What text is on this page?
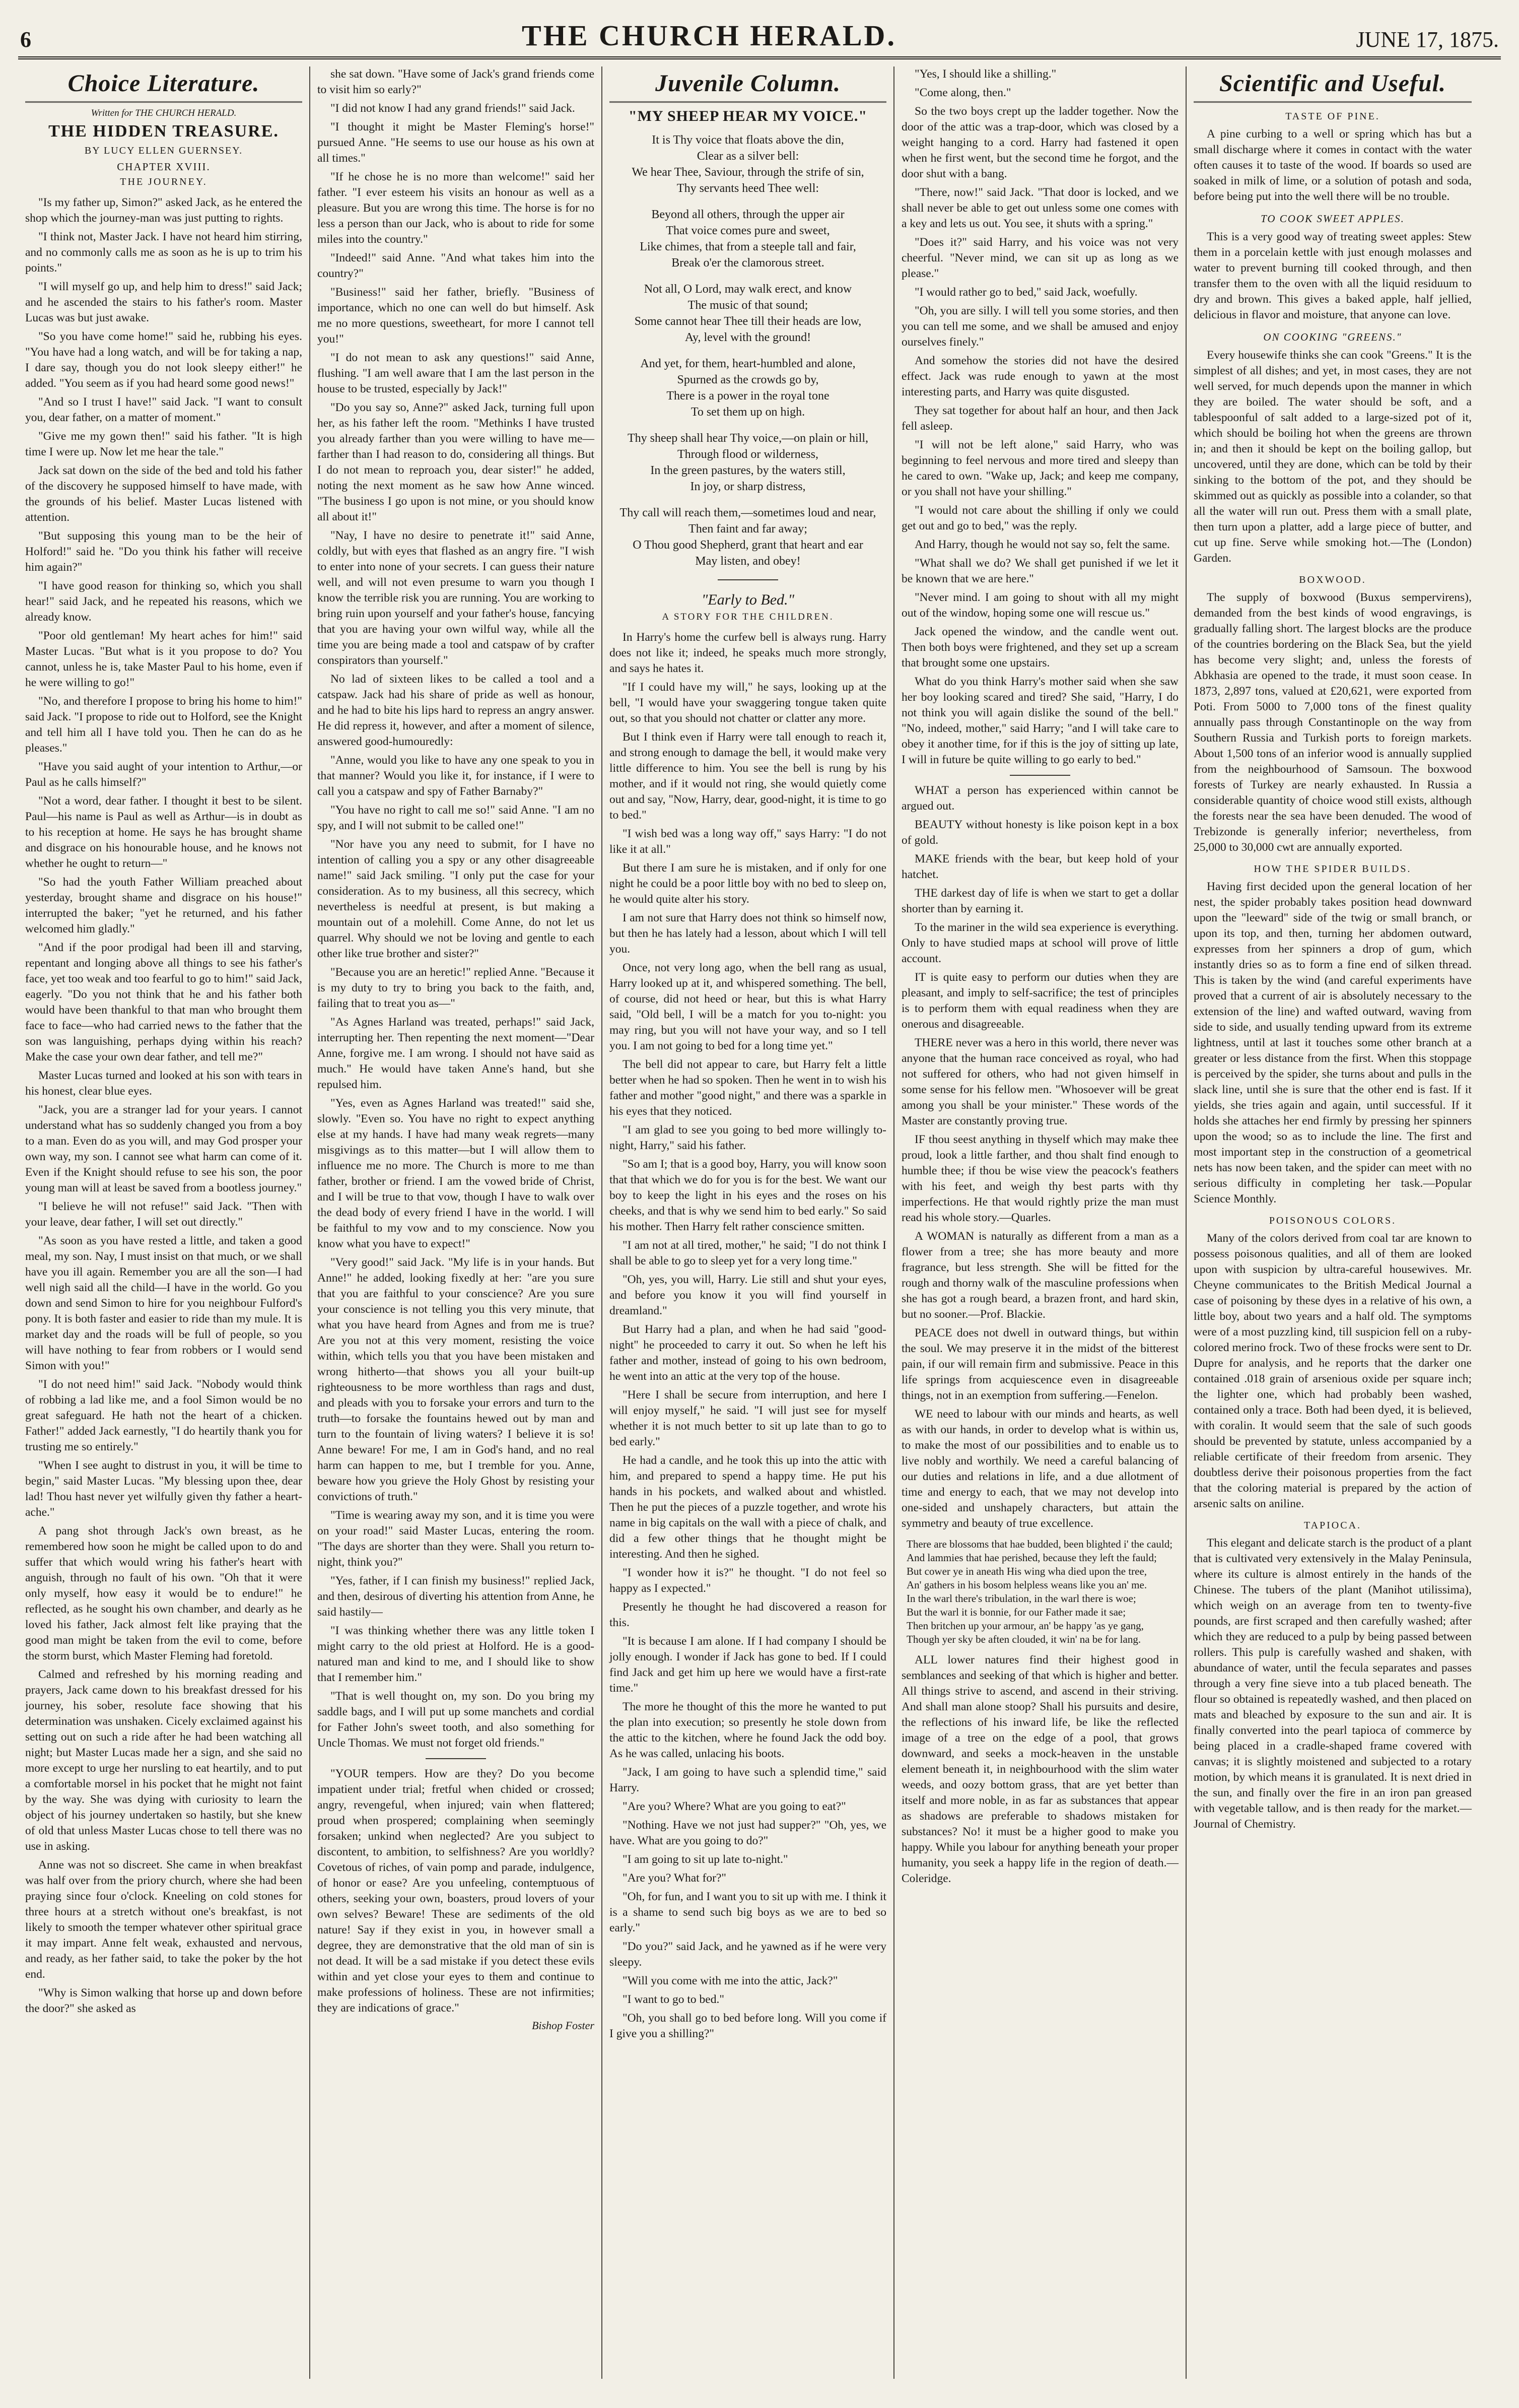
6	THE CHURCH HERALD.	JUNE 17, 1875.
Choice Literature.
Written for THE CHURCH HERALD.
THE HIDDEN TREASURE.
BY LUCY ELLEN GUERNSEY.
CHAPTER XVIII.
THE JOURNEY.

"Is my father up, Simon?" asked Jack, as he entered the shop which the journey-man was just putting to rights.

"I think not, Master Jack. I have not heard him stirring, and no commonly calls me as soon as he is up to trim his points."

"I will myself go up, and help him to dress!" said Jack; and he ascended the stairs to his father's room. Master Lucas was but just awake.

"So you have come home!" said he, rubbing his eyes. "You have had a long watch, and will be for taking a nap, I dare say, though you do not look sleepy either!" he added. "You seem as if you had heard some good news!"

"And so I trust I have!" said Jack. "I want to consult you, dear father, on a matter of moment."

"Give me my gown then!" said his father. "It is high time I were up. Now let me hear the tale."

Jack sat down on the side of the bed and told his father of the discovery he supposed himself to have made, with the grounds of his belief. Master Lucas listened with attention.

"But supposing this young man to be the heir of Holford!" said he. "Do you think his father will receive him again?"

"I have good reason for thinking so, which you shall hear!" said Jack, and he repeated his reasons, which we already know.

"Poor old gentleman! My heart aches for him!" said Master Lucas. "But what is it you propose to do? You cannot, unless he is, take Master Paul to his home, even if he were willing to go!"

"No, and therefore I propose to bring his home to him!" said Jack. "I propose to ride out to Holford, see the Knight and tell him all I have told you. Then he can do as he pleases."

"Have you said aught of your intention to Arthur,—or Paul as he calls himself?"

"Not a word, dear father. I thought it best to be silent. Paul—his name is Paul as well as Arthur—is in doubt as to his reception at home. He says he has brought shame and disgrace on his honourable house, and he knows not whether he ought to return—"

"So had the youth Father William preached about yesterday, brought shame and disgrace on his house!" interrupted the baker; "yet he returned, and his father welcomed him gladly."

"And if the poor prodigal had been ill and starving, repentant and longing above all things to see his father's face, yet too weak and too fearful to go to him!" said Jack, eagerly. "Do you not think that he and his father both would have been thankful to that man who brought them face to face—who had carried news to the father that the son was languishing, perhaps dying within his reach? Make the case your own dear father, and tell me?"

Master Lucas turned and looked at his son with tears in his honest, clear blue eyes.

"Jack, you are a stranger lad for your years. I cannot understand what has so suddenly changed you from a boy to a man. Even do as you will, and may God prosper your own way, my son. I cannot see what harm can come of it. Even if the Knight should refuse to see his son, the poor young man will at least be saved from a bootless journey."

"I believe he will not refuse!" said Jack. "Then with your leave, dear father, I will set out directly."

"As soon as you have rested a little, and taken a good meal, my son. Nay, I must insist on that much, or we shall have you ill again. Remember you are all the son—I had well nigh said all the child—I have in the world. Go you down and send Simon to hire for you neighbour Fulford's pony. It is both faster and easier to ride than my mule. It is market day and the roads will be full of people, so you will have nothing to fear from robbers or I would send Simon with you!"

"I do not need him!" said Jack. "Nobody would think of robbing a lad like me, and a fool Simon would be no great safeguard. He hath not the heart of a chicken. Father!" added Jack earnestly, "I do heartily thank you for trusting me so entirely."

"When I see aught to distrust in you, it will be time to begin," said Master Lucas. "My blessing upon thee, dear lad! Thou hast never yet wilfully given thy father a heart-ache."

A pang shot through Jack's own breast, as he remembered how soon he might be called upon to do and suffer that which would wring his father's heart with anguish, through no fault of his own. "Oh that it were only myself, how easy it would be to endure!" he reflected, as he sought his own chamber, and dearly as he loved his father, Jack almost felt like praying that the good man might be taken from the evil to come, before the storm burst, which Master Fleming had foretold.

Calmed and refreshed by his morning reading and prayers, Jack came down to his breakfast dressed for his journey, his sober, resolute face showing that his determination was unshaken. Cicely exclaimed against his setting out on such a ride after he had been watching all night; but Master Lucas made her a sign, and she said no more except to urge her nursling to eat heartily, and to put a comfortable morsel in his pocket that he might not faint by the way. She was dying with curiosity to learn the object of his journey undertaken so hastily, but she knew of old that unless Master Lucas chose to tell there was no use in asking.

Anne was not so discreet. She came in when breakfast was half over from the priory church, where she had been praying since four o'clock. Kneeling on cold stones for three hours at a stretch without one's breakfast, is not likely to smooth the temper whatever other spiritual grace it may impart. Anne felt weak, exhausted and nervous, and ready, as her father said, to take the poker by the hot end.

"Why is Simon walking that horse up and down before the door?" she asked as

she sat down. "Have some of Jack's grand friends come to visit him so early?"

"I did not know I had any grand friends!" said Jack.

"I thought it might be Master Fleming's horse!" pursued Anne. "He seems to use our house as his own at all times."

"If he chose he is no more than welcome!" said her father. "I ever esteem his visits an honour as well as a pleasure. But you are wrong this time. The horse is for no less a person than our Jack, who is about to ride for some miles into the country."

"Indeed!" said Anne. "And what takes him into the country?"

"Business!" said her father, briefly. "Business of importance, which no one can well do but himself. Ask me no more questions, sweetheart, for more I cannot tell you!"

"I do not mean to ask any questions!" said Anne, flushing. "I am well aware that I am the last person in the house to be trusted, especially by Jack!"

"Do you say so, Anne?" asked Jack, turning full upon her, as his father left the room. "Methinks I have trusted you already farther than you were willing to have me—farther than I had reason to do, considering all things. But I do not mean to reproach you, dear sister!" he added, noting the next moment as he saw how Anne winced. "The business I go upon is not mine, or you should know all about it!"

"Nay, I have no desire to penetrate it!" said Anne, coldly, but with eyes that flashed as an angry fire. "I wish to enter into none of your secrets. I can guess their nature well, and will not even presume to warn you though I know the terrible risk you are running. You are working to bring ruin upon yourself and your father's house, fancying that you are having your own wilful way, while all the time you are being made a tool and catspaw of by crafter conspirators than yourself."

No lad of sixteen likes to be called a tool and a catspaw. Jack had his share of pride as well as honour, and he had to bite his lips hard to repress an angry answer. He did repress it, however, and after a moment of silence, answered good-humouredly:

"Anne, would you like to have any one speak to you in that manner? Would you like it, for instance, if I were to call you a catspaw and spy of Father Barnaby?"

"You have no right to call me so!" said Anne. "I am no spy, and I will not submit to be called one!"

"Nor have you any need to submit, for I have no intention of calling you a spy or any other disagreeable name!" said Jack smiling. "I only put the case for your consideration. As to my business, all this secrecy, which nevertheless is needful at present, is but making a mountain out of a molehill. Come Anne, do not let us quarrel. Why should we not be loving and gentle to each other like true brother and sister?"

"Because you are an heretic!" replied Anne. "Because it is my duty to try to bring you back to the faith, and, failing that to treat you as—"

"As Agnes Harland was treated, perhaps!" said Jack, interrupting her. Then repenting the next moment—"Dear Anne, forgive me. I am wrong. I should not have said as much." He would have taken Anne's hand, but she repulsed him.

"Yes, even as Agnes Harland was treated!" said she, slowly. "Even so. You have no right to expect anything else at my hands. I have had many weak regrets—many misgivings as to this matter—but I will allow them to influence me no more. The Church is more to me than father, brother or friend. I am the vowed bride of Christ, and I will be true to that vow, though I have to walk over the dead body of every friend I have in the world. I will be faithful to my vow and to my conscience. Now you know what you have to expect!"

"Very good!" said Jack. "My life is in your hands. But Anne!" he added, looking fixedly at her: "are you sure that you are faithful to your conscience? Are you sure your conscience is not telling you this very minute, that what you have heard from Agnes and from me is true? Are you not at this very moment, resisting the voice within, which tells you that you have been mistaken and wrong hitherto—that shows you all your built-up righteousness to be more worthless than rags and dust, and pleads with you to forsake your errors and turn to the truth—to forsake the fountains hewed out by man and turn to the fountain of living waters? I believe it is so! Anne beware! For me, I am in God's hand, and no real harm can happen to me, but I tremble for you. Anne, beware how you grieve the Holy Ghost by resisting your convictions of truth."

"Time is wearing away my son, and it is time you were on your road!" said Master Lucas, entering the room. "The days are shorter than they were. Shall you return to-night, think you?"

"Yes, father, if I can finish my business!" replied Jack, and then, desirous of diverting his attention from Anne, he said hastily—

"I was thinking whether there was any little token I might carry to the old priest at Holford. He is a good-natured man and kind to me, and I should like to show that I remember him."

"That is well thought on, my son. Do you bring my saddle bags, and I will put up some manchets and cordial for Father John's sweet tooth, and also something for Uncle Thomas. We must not forget old friends."

"YOUR tempers. How are they? Do you become impatient under trial; fretful when chided or crossed; angry, revengeful, when injured; vain when flattered; proud when prospered; complaining when seemingly forsaken; unkind when neglected? Are you subject to discontent, to ambition, to selfishness? Are you worldly? Covetous of riches, of vain pomp and parade, indulgence, of honor or ease? Are you unfeeling, contemptuous of others, seeking your own, boasters, proud lovers of your own selves? Beware! These are sediments of the old nature! Say if they exist in you, in however small a degree, they are demonstrative that the old man of sin is not dead. It will be a sad mistake if you detect these evils within and yet close your eyes to them and continue to make professions of holiness. These are not infirmities; they are indications of grace."

Bishop Foster
Juvenile Column.
"MY SHEEP HEAR MY VOICE."
It is Thy voice that floats above the din,
Clear as a silver bell:
We hear Thee, Saviour, through the strife of sin,
Thy servants heed Thee well:
Beyond all others, through the upper air
That voice comes pure and sweet,
Like chimes, that from a steeple tall and fair,
Break o'er the clamorous street.
Not all, O Lord, may walk erect, and know
The music of that sound;
Some cannot hear Thee till their heads are low,
Ay, level with the ground!
And yet, for them, heart-humbled and alone,
Spurned as the crowds go by,
There is a power in the royal tone
To set them up on high.
Thy sheep shall hear Thy voice,—on plain or hill,
Through flood or wilderness,
In the green pastures, by the waters still,
In joy, or sharp distress,
Thy call will reach them,—sometimes loud and near,
Then faint and far away;
O Thou good Shepherd, grant that heart and ear
May listen, and obey!
"Early to Bed."
A STORY FOR THE CHILDREN.

In Harry's home the curfew bell is always rung. Harry does not like it; indeed, he speaks much more strongly, and says he hates it.

"If I could have my will," he says, looking up at the bell, "I would have your swaggering tongue taken quite out, so that you should not chatter or clatter any more.

But I think even if Harry were tall enough to reach it, and strong enough to damage the bell, it would make very little difference to him. You see the bell is rung by his mother, and if it would not ring, she would quietly come out and say, "Now, Harry, dear, good-night, it is time to go to bed."

"I wish bed was a long way off," says Harry: "I do not like it at all."

But there I am sure he is mistaken, and if only for one night he could be a poor little boy with no bed to sleep on, he would quite alter his story.

I am not sure that Harry does not think so himself now, but then he has lately had a lesson, about which I will tell you.

Once, not very long ago, when the bell rang as usual, Harry looked up at it, and whispered something. The bell, of course, did not heed or hear, but this is what Harry said, "Old bell, I will be a match for you to-night: you may ring, but you will not have your way, and so I tell you. I am not going to bed for a long time yet."

The bell did not appear to care, but Harry felt a little better when he had so spoken. Then he went in to wish his father and mother "good night," and there was a sparkle in his eyes that they noticed.

"I am glad to see you going to bed more willingly to-night, Harry," said his father.

"So am I; that is a good boy, Harry, you will know soon that that which we do for you is for the best. We want our boy to keep the light in his eyes and the roses on his cheeks, and that is why we send him to bed early." So said his mother. Then Harry felt rather conscience smitten.

"I am not at all tired, mother," he said; "I do not think I shall be able to go to sleep yet for a very long time."

"Oh, yes, you will, Harry. Lie still and shut your eyes, and before you know it you will find yourself in dreamland."

But Harry had a plan, and when he had said "good-night" he proceeded to carry it out. So when he left his father and mother, instead of going to his own bedroom, he went into an attic at the very top of the house.

"Here I shall be secure from interruption, and here I will enjoy myself," he said. "I will just see for myself whether it is not much better to sit up late than to go to bed early."

He had a candle, and he took this up into the attic with him, and prepared to spend a happy time. He put his hands in his pockets, and walked about and whistled. Then he put the pieces of a puzzle together, and wrote his name in big capitals on the wall with a piece of chalk, and did a few other things that he thought might be interesting. And then he sighed.

"I wonder how it is?" he thought. "I do not feel so happy as I expected."

Presently he thought he had discovered a reason for this.

"It is because I am alone. If I had company I should be jolly enough. I wonder if Jack has gone to bed. If I could find Jack and get him up here we would have a first-rate time."

The more he thought of this the more he wanted to put the plan into execution; so presently he stole down from the attic to the kitchen, where he found Jack the odd boy. As he was called, unlacing his boots.

"Jack, I am going to have such a splendid time," said Harry.

"Are you? Where? What are you going to eat?"

"Nothing. Have we not just had supper?" "Oh, yes, we have. What are you going to do?"

"I am going to sit up late to-night."

"Are you? What for?"

"Oh, for fun, and I want you to sit up with me. I think it is a shame to send such big boys as we are to bed so early."

"Do you?" said Jack, and he yawned as if he were very sleepy.

"Will you come with me into the attic, Jack?"

"I want to go to bed."

"Oh, you shall go to bed before long. Will you come if I give you a shilling?"

"Yes, I should like a shilling."

"Come along, then."

So the two boys crept up the ladder together. Now the door of the attic was a trap-door, which was closed by a weight hanging to a cord. Harry had fastened it open when he first went, but the second time he forgot, and the door shut with a bang.

"There, now!" said Jack. "That door is locked, and we shall never be able to get out unless some one comes with a key and lets us out. You see, it shuts with a spring."

"Does it?" said Harry, and his voice was not very cheerful. "Never mind, we can sit up as long as we please."

"I would rather go to bed," said Jack, woefully.

"Oh, you are silly. I will tell you some stories, and then you can tell me some, and we shall be amused and enjoy ourselves finely."

And somehow the stories did not have the desired effect. Jack was rude enough to yawn at the most interesting parts, and Harry was quite disgusted.

They sat together for about half an hour, and then Jack fell asleep.

"I will not be left alone," said Harry, who was beginning to feel nervous and more tired and sleepy than he cared to own. "Wake up, Jack; and keep me company, or you shall not have your shilling."

"I would not care about the shilling if only we could get out and go to bed," was the reply.

And Harry, though he would not say so, felt the same.

"What shall we do? We shall get punished if we let it be known that we are here."

"Never mind. I am going to shout with all my might out of the window, hoping some one will rescue us."

Jack opened the window, and the candle went out. Then both boys were frightened, and they set up a scream that brought some one upstairs.

What do you think Harry's mother said when she saw her boy looking scared and tired? She said, "Harry, I do not think you will again dislike the sound of the bell." "No, indeed, mother," said Harry; "and I will take care to obey it another time, for if this is the joy of sitting up late, I will in future be quite willing to go early to bed."

WHAT a person has experienced within cannot be argued out.

BEAUTY without honesty is like poison kept in a box of gold.

MAKE friends with the bear, but keep hold of your hatchet.

THE darkest day of life is when we start to get a dollar shorter than by earning it.

To the mariner in the wild sea experience is everything. Only to have studied maps at school will prove of little account.

IT is quite easy to perform our duties when they are pleasant, and imply to self-sacrifice; the test of principles is to perform them with equal readiness when they are onerous and disagreeable.

THERE never was a hero in this world, there never was anyone that the human race conceived as royal, who had not suffered for others, who had not given himself in some sense for his fellow men. "Whosoever will be great among you shall be your minister." These words of the Master are constantly proving true.

IF thou seest anything in thyself which may make thee proud, look a little farther, and thou shalt find enough to humble thee; if thou be wise view the peacock's feathers with his feet, and weigh thy best parts with thy imperfections. He that would rightly prize the man must read his whole story.—Quarles.

A WOMAN is naturally as different from a man as a flower from a tree; she has more beauty and more fragrance, but less strength. She will be fitted for the rough and thorny walk of the masculine professions when she has got a rough beard, a brazen front, and hard skin, but no sooner.—Prof. Blackie.

PEACE does not dwell in outward things, but within the soul. We may preserve it in the midst of the bitterest pain, if our will remain firm and submissive. Peace in this life springs from acquiescence even in disagreeable things, not in an exemption from suffering.—Fenelon.

WE need to labour with our minds and hearts, as well as with our hands, in order to develop what is within us, to make the most of our possibilities and to enable us to live nobly and worthily. We need a careful balancing of our duties and relations in life, and a due allotment of time and energy to each, that we may not develop into one-sided and unshapely characters, but attain the symmetry and beauty of true excellence.

There are blossoms that hae budded, been blighted i' the cauld;
And lammies that hae perished, because they left the fauld;
But cower ye in aneath His wing wha died upon the tree,
An' gathers in his bosom helpless weans like you an' me.
In the warl there's tribulation, in the warl there is woe;
But the warl it is bonnie, for our Father made it sae;
Then britchen up your armour, an' be happy 'as ye gang,
Though yer sky be aften clouded, it win' na be for lang.

ALL lower natures find their highest good in semblances and seeking of that which is higher and better. All things strive to ascend, and ascend in their striving. And shall man alone stoop? Shall his pursuits and desire, the reflections of his inward life, be like the reflected image of a tree on the edge of a pool, that grows downward, and seeks a mock-heaven in the unstable element beneath it, in neighbourhood with the slim water weeds, and oozy bottom grass, that are yet better than itself and more noble, in as far as substances that appear as shadows are preferable to shadows mistaken for substances? No! it must be a higher good to make you happy. While you labour for anything beneath your proper humanity, you seek a happy life in the region of death.—Coleridge.

Scientific and Useful.
TASTE OF PINE.

A pine curbing to a well or spring which has but a small discharge where it comes in contact with the water often causes it to taste of the wood. If boards so used are soaked in milk of lime, or a solution of potash and soda, before being put into the well there will be no trouble.

TO COOK SWEET APPLES.

This is a very good way of treating sweet apples: Stew them in a porcelain kettle with just enough molasses and water to prevent burning till cooked through, and then transfer them to the oven with all the liquid residuum to dry and brown. This gives a baked apple, half jellied, delicious in flavor and moisture, that anyone can love.

ON COOKING "GREENS."

Every housewife thinks she can cook "Greens." It is the simplest of all dishes; and yet, in most cases, they are not well served, for much depends upon the manner in which they are boiled. The water should be soft, and a tablespoonful of salt added to a large-sized pot of it, which should be boiling hot when the greens are thrown in; and then it should be kept on the boiling gallop, but uncovered, until they are done, which can be told by their sinking to the bottom of the pot, and they should be skimmed out as quickly as possible into a colander, so that all the water will run out. Press them with a small plate, then turn upon a platter, add a large piece of butter, and cut up fine. Serve while smoking hot.—The (London) Garden.

BOXWOOD.

The supply of boxwood (Buxus sempervirens), demanded from the best kinds of wood engravings, is gradually falling short. The largest blocks are the produce of the countries bordering on the Black Sea, but the yield has become very slight; and, unless the forests of Abkhasia are opened to the trade, it must soon cease. In 1873, 2,897 tons, valued at £20,621, were exported from Poti. From 5000 to 7,000 tons of the finest quality annually pass through Constantinople on the way from Southern Russia and Turkish ports to foreign markets. About 1,500 tons of an inferior wood is annually supplied from the neighbourhood of Samsoun. The boxwood forests of Turkey are nearly exhausted. In Russia a considerable quantity of choice wood still exists, although the forests near the sea have been denuded. The wood of Trebizonde is generally inferior; nevertheless, from 25,000 to 30,000 cwt are annually exported.

HOW THE SPIDER BUILDS.

Having first decided upon the general location of her nest, the spider probably takes position head downward upon the "leeward" side of the twig or small branch, or upon its top, and then, turning her abdomen outward, expresses from her spinners a drop of gum, which instantly dries so as to form a fine end of silken thread. This is taken by the wind (and careful experiments have proved that a current of air is absolutely necessary to the extension of the line) and wafted outward, waving from side to side, and usually tending upward from its extreme lightness, until at last it touches some other branch at a greater or less distance from the first. When this stoppage is perceived by the spider, she turns about and pulls in the slack line, until she is sure that the other end is fast. If it yields, she tries again and again, until successful. If it holds she attaches her end firmly by pressing her spinners upon the wood; so as to include the line. The first and most important step in the construction of a geometrical nets has now been taken, and the spider can meet with no serious difficulty in completing her task.—Popular Science Monthly.

POISONOUS COLORS.

Many of the colors derived from coal tar are known to possess poisonous qualities, and all of them are looked upon with suspicion by ultra-careful housewives. Mr. Cheyne communicates to the British Medical Journal a case of poisoning by these dyes in a relative of his own, a little boy, about two years and a half old. The symptoms were of a most puzzling kind, till suspicion fell on a ruby-colored merino frock. Two of these frocks were sent to Dr. Dupre for analysis, and he reports that the darker one contained .018 grain of arsenious oxide per square inch; the lighter one, which had probably been washed, contained only a trace. Both had been dyed, it is believed, with coralin. It would seem that the sale of such goods should be prevented by statute, unless accompanied by a reliable certificate of their freedom from arsenic. They doubtless derive their poisonous properties from the fact that the coloring material is prepared by the action of arsenic salts on aniline.

TAPIOCA.

This elegant and delicate starch is the product of a plant that is cultivated very extensively in the Malay Peninsula, where its culture is almost entirely in the hands of the Chinese. The tubers of the plant (Manihot utilissima), which weigh on an average from ten to twenty-five pounds, are first scraped and then carefully washed; after which they are reduced to a pulp by being passed between rollers. This pulp is carefully washed and shaken, with abundance of water, until the fecula separates and passes through a very fine sieve into a tub placed beneath. The flour so obtained is repeatedly washed, and then placed on mats and bleached by exposure to the sun and air. It is finally converted into the pearl tapioca of commerce by being placed in a cradle-shaped frame covered with canvas; it is slightly moistened and subjected to a rotary motion, by which means it is granulated. It is next dried in the sun, and finally over the fire in an iron pan greased with vegetable tallow, and is then ready for the market.—Journal of Chemistry.
